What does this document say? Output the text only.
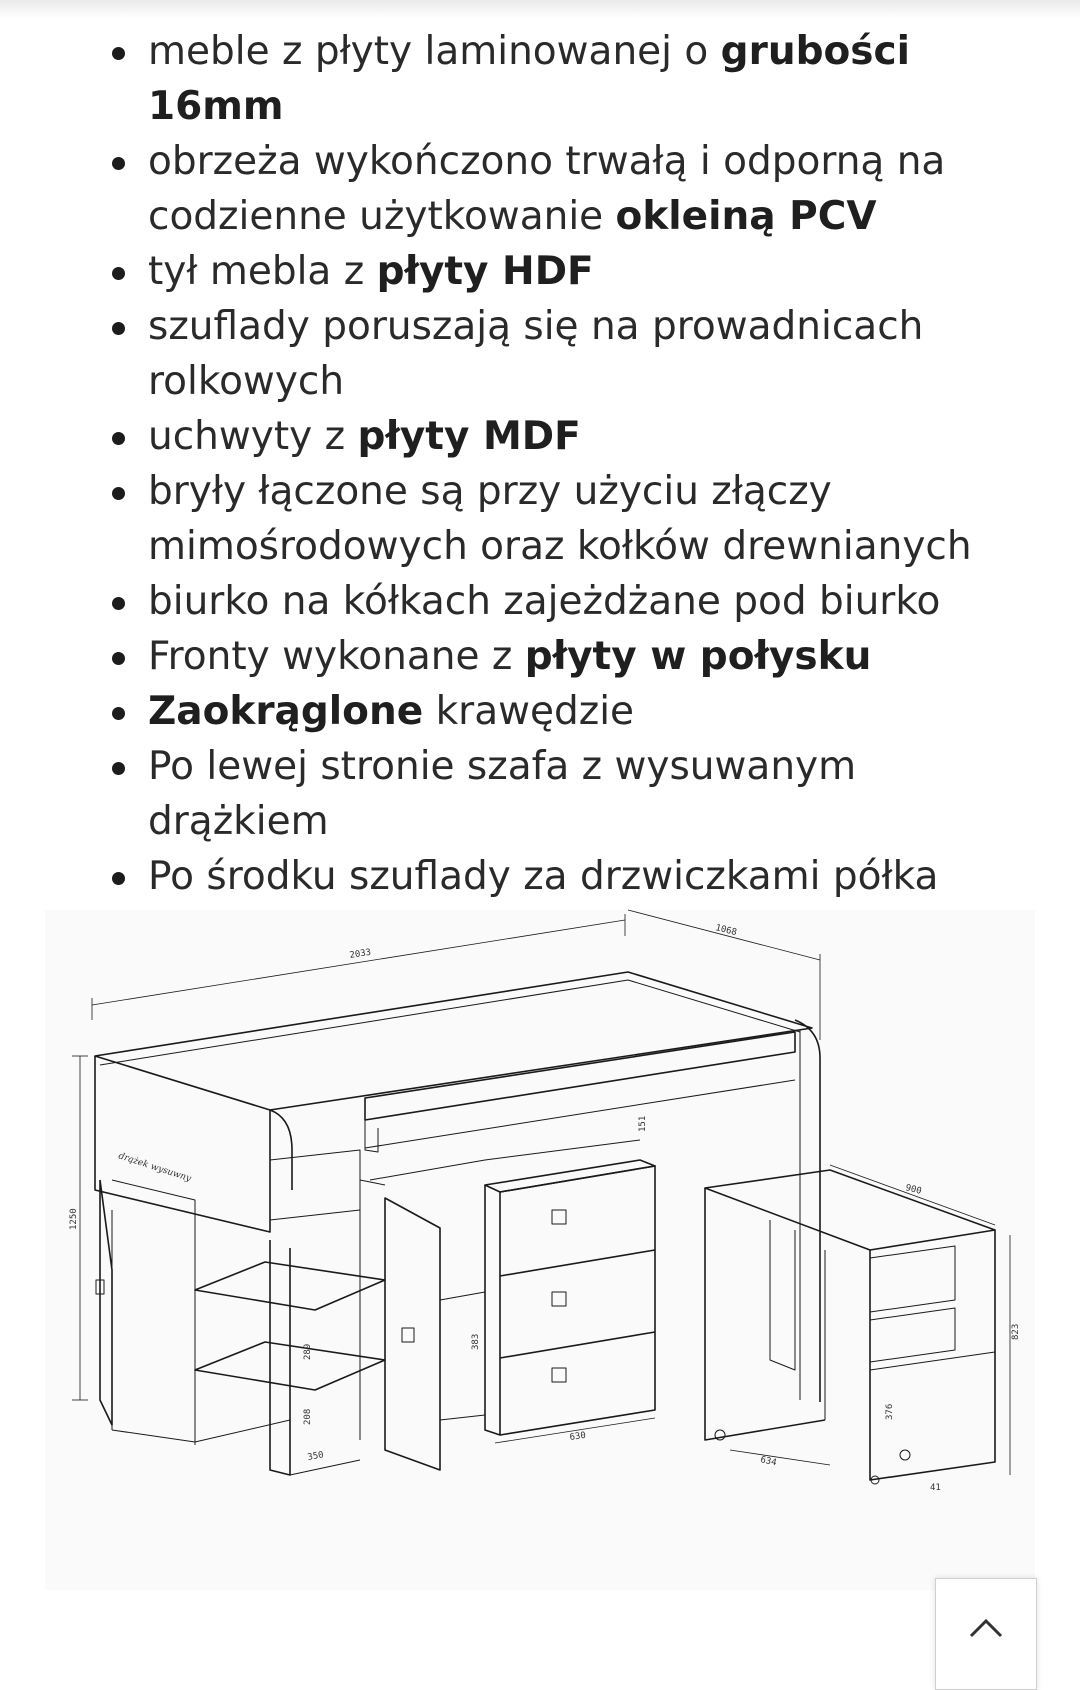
meble z płyty laminowanej o grubości 16mm
obrzeża wykończono trwałą i odporną na codzienne użytkowanie okleiną PCV
tył mebla z płyty HDF
szuflady poruszają się na prowadnicach rolkowych
uchwyty z płyty MDF
bryły łączone są przy użyciu złączy mimośrodowych oraz kołków drewnianych
biurko na kółkach zajeżdżane pod biurko
Fronty wykonane z płyty w połysku
Zaokrąglone krawędzie
Po lewej stronie szafa z wysuwanym drążkiem
Po środku szuflady za drzwiczkami półka
drążek wysuwny
2033
1068
1250
900
823
630
151
289
208
350
383
376
634
41
